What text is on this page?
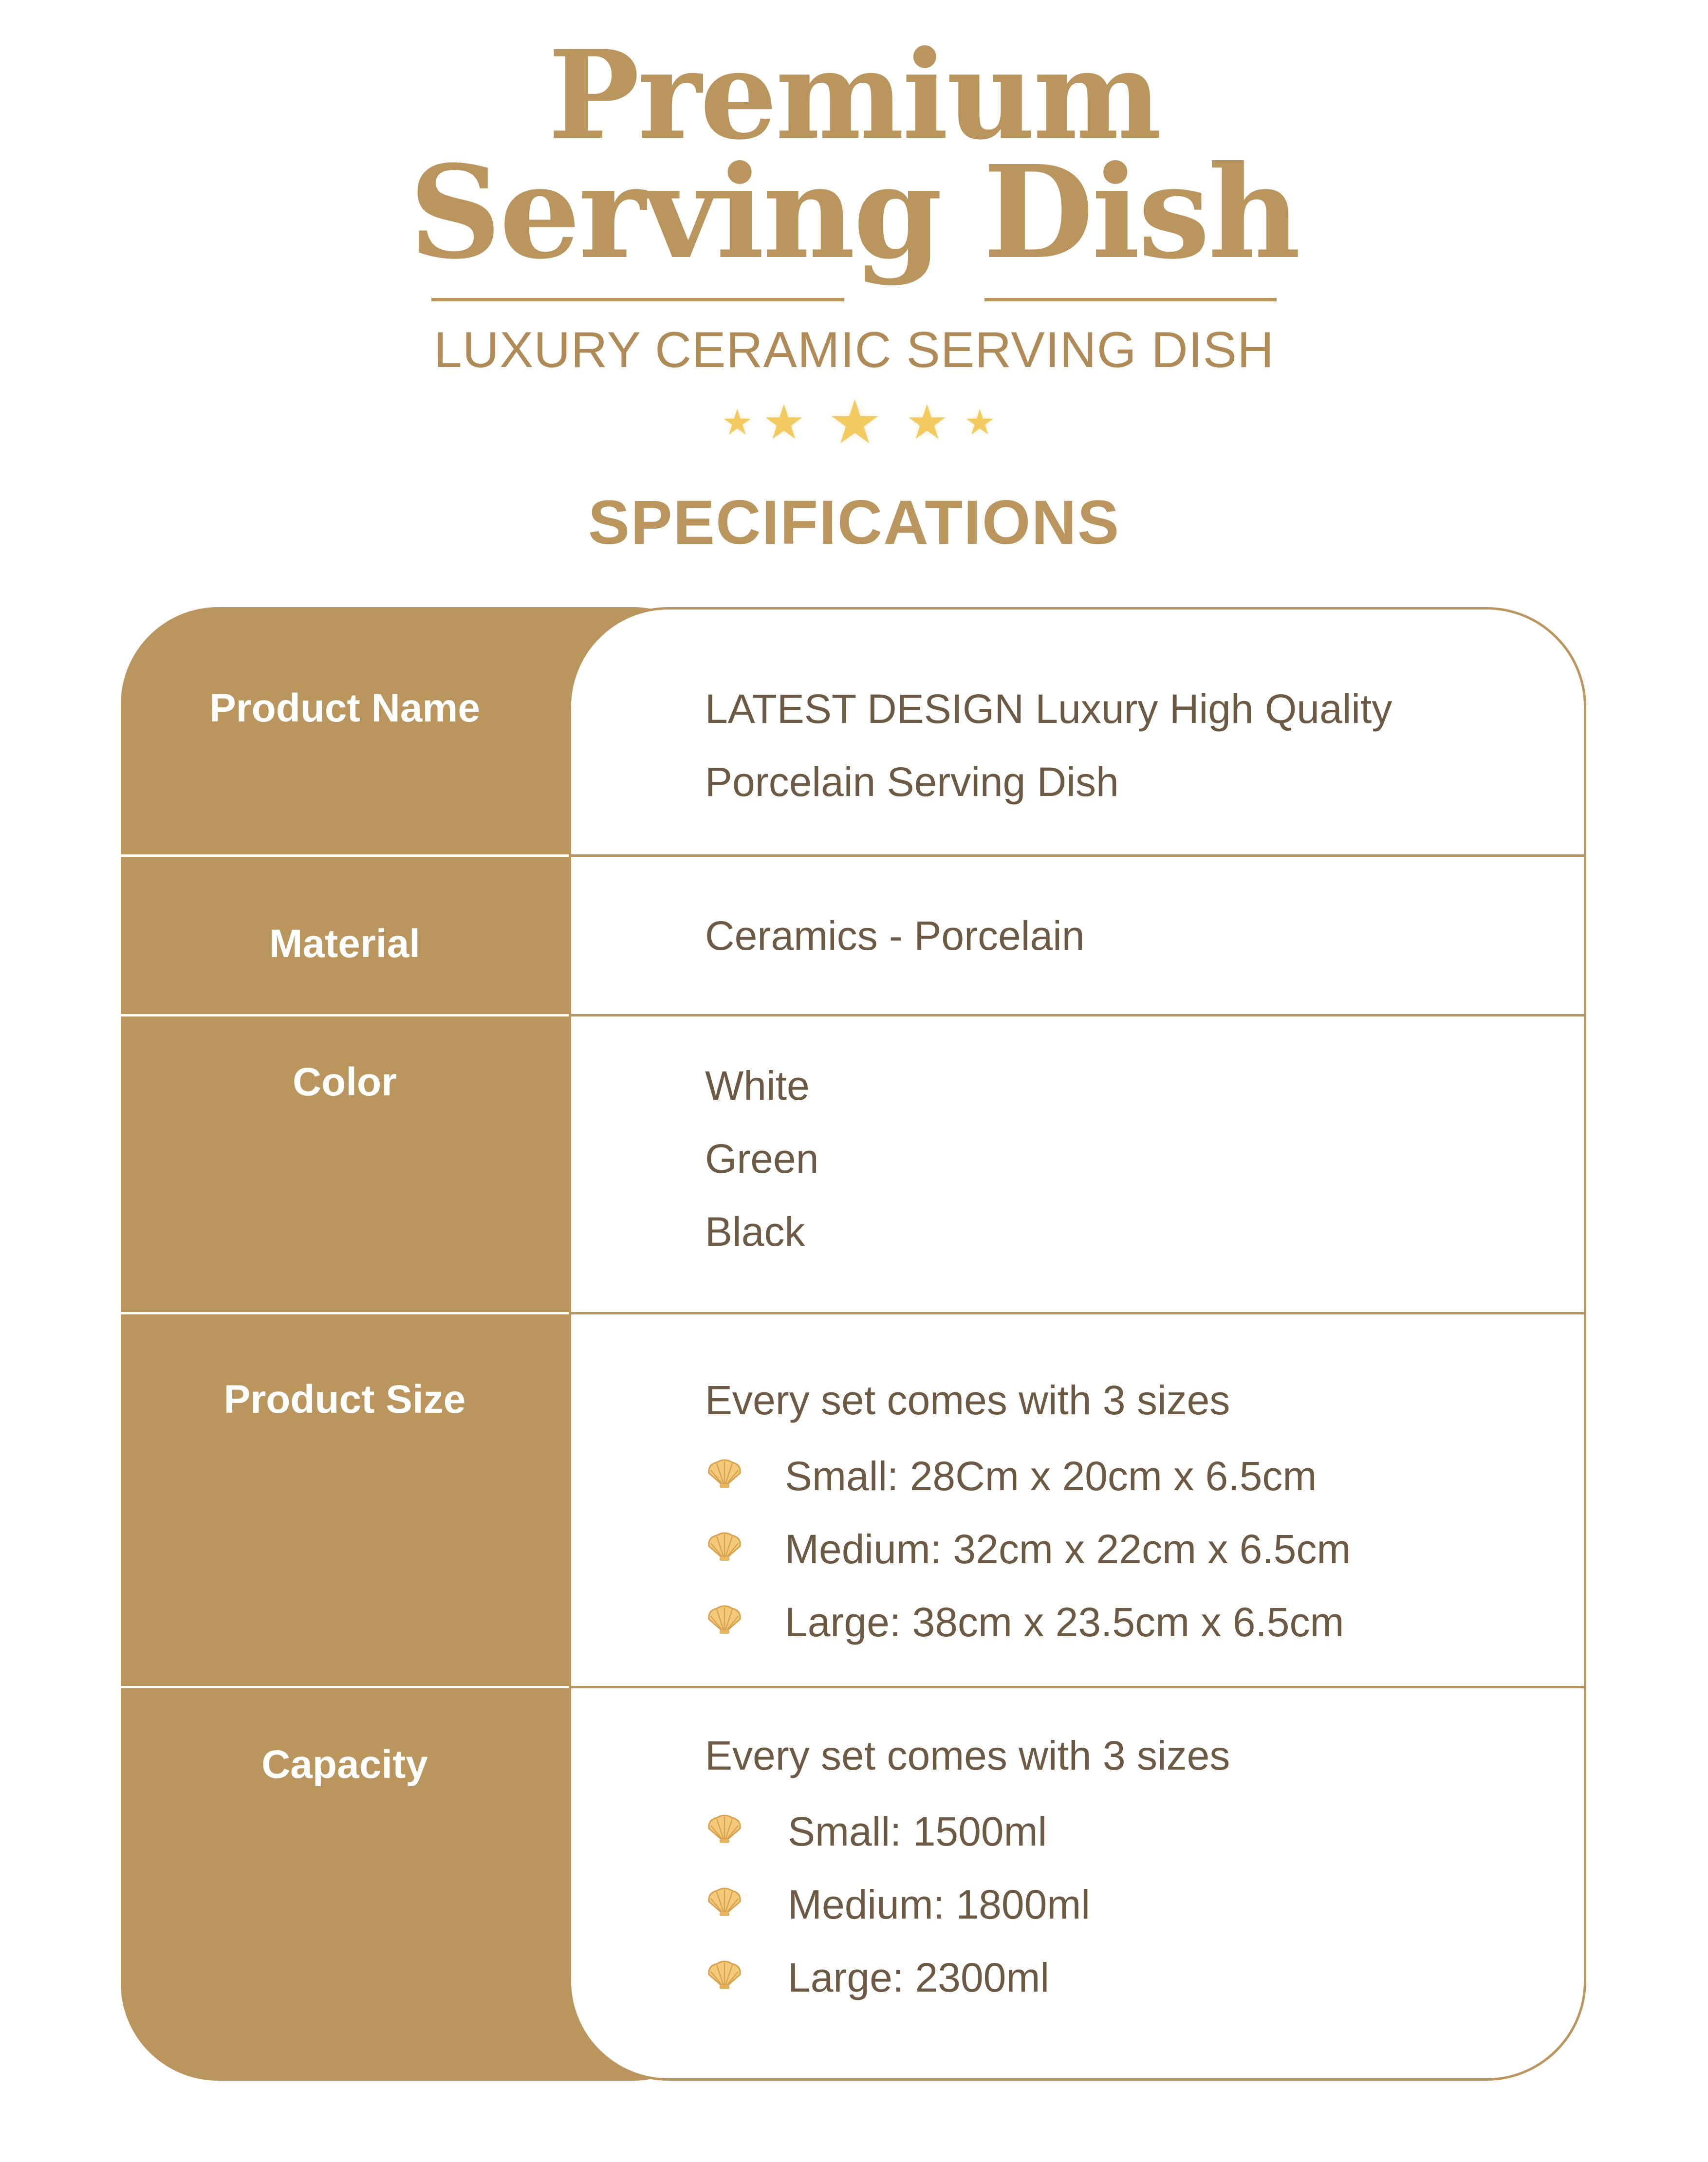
Premium
Serving Dish
LUXURY CERAMIC SERVING DISH
★ ★ ★ ★ ★
SPECIFICATIONS
Product Name	LATEST DESIGN Luxury High Quality
Porcelain Serving Dish
Material	Ceramics - Porcelain
Color	White
Green
Black
Product Size	Every set comes with 3 sizes
Small: 28Cm x 20cm x 6.5cm
Medium: 32cm x 22cm x 6.5cm
Large: 38cm x 23.5cm x 6.5cm
Capacity	Every set comes with 3 sizes
Small: 1500ml
Medium: 1800ml
Large: 2300ml
